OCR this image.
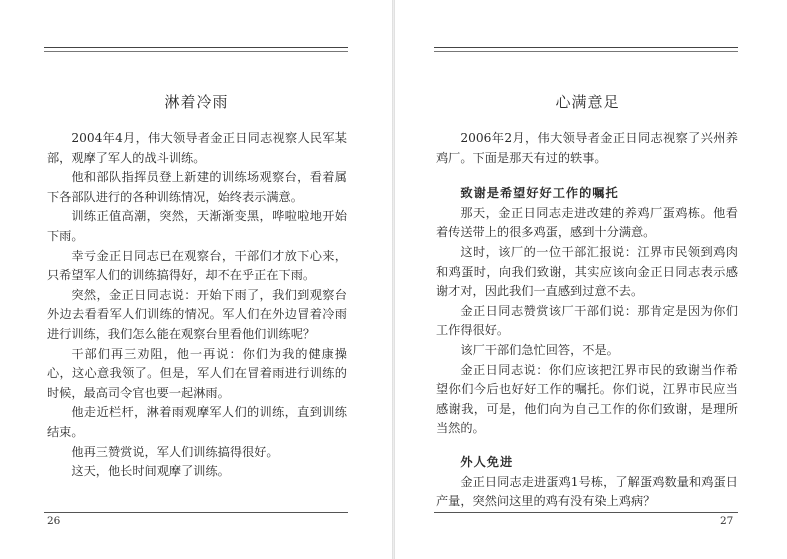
淋着冷雨

2004年4月，伟大领导者金正日同志视察人民军某部，观摩了军人的战斗训练。

他和部队指挥员登上新建的训练场观察台，看着属下各部队进行的各种训练情况，始终表示满意。

训练正值高潮，突然，天渐渐变黑，哗啦啦地开始下雨。

幸亏金正日同志已在观察台，干部们才放下心来，只希望军人们的训练搞得好，却不在乎正在下雨。

突然，金正日同志说：开始下雨了，我们到观察台外边去看看军人们训练的情况。军人们在外边冒着冷雨进行训练，我们怎么能在观察台里看他们训练呢？

干部们再三劝阻，他一再说：你们为我的健康操心，这心意我领了。但是，军人们在冒着雨进行训练的时候，最高司令官也要一起淋雨。

他走近栏杆，淋着雨观摩军人们的训练，直到训练结束。

他再三赞赏说，军人们训练搞得很好。

这天，他长时间观摩了训练。

26
心满意足

2006年2月，伟大领导者金正日同志视察了兴州养鸡厂。下面是那天有过的轶事。

致谢是希望好好工作的嘱托

那天，金正日同志走进改建的养鸡厂蛋鸡栋。他看着传送带上的很多鸡蛋，感到十分满意。

这时，该厂的一位干部汇报说：江界市民领到鸡肉和鸡蛋时，向我们致谢，其实应该向金正日同志表示感谢才对，因此我们一直感到过意不去。

金正日同志赞赏该厂干部们说：那肯定是因为你们工作得很好。

该厂干部们急忙回答，不是。

金正日同志说：你们应该把江界市民的致谢当作希望你们今后也好好工作的嘱托。你们说，江界市民应当感谢我，可是，他们向为自己工作的你们致谢，是理所当然的。

外人免进

金正日同志走进蛋鸡1号栋，了解蛋鸡数量和鸡蛋日产量，突然问这里的鸡有没有染上鸡病？

27
